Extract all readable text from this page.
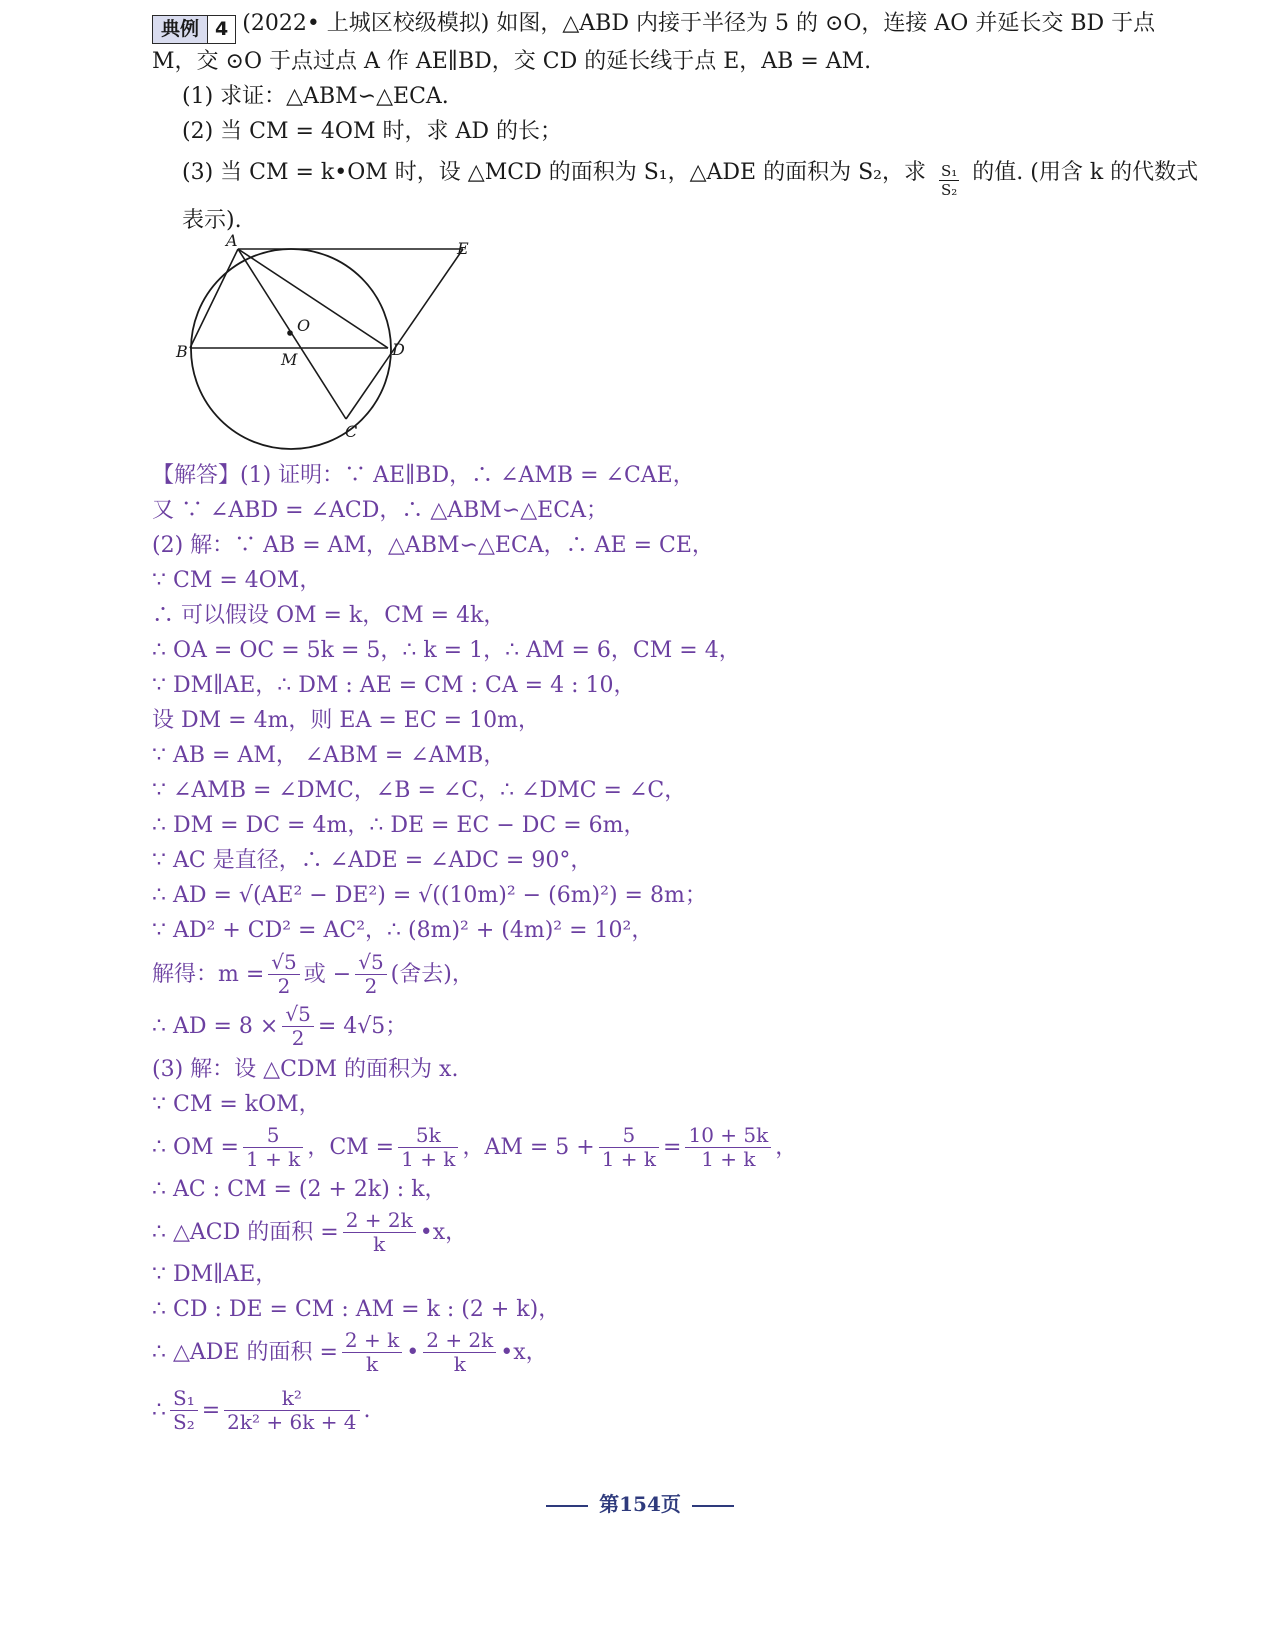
典例 4 (2022• 上城区校级模拟) 如图，△ABD 内接于半径为 5 的 ⊙O，连接 AO 并延长交 BD 于点
M，交 ⊙O 于点过点 A 作 AE∥BD，交 CD 的延长线于点 E，AB = AM.
(1) 求证：△ABM∽△ECA.
(2) 当 CM = 4OM 时，求 AD 的长；
(3) 当 CM = k•OM 时，设 △MCD 的面积为 S₁，△ADE 的面积为 S₂，求 $\frac{\text{S₁}}{\text{S₂}}$ 的值. (用含 k 的代数式
表示).
A	E
O
B	M
D
C
【解答】(1) 证明：∵ AE∥BD，∴ ∠AMB = ∠CAE，
又 ∵ ∠ABD = ∠ACD，∴ △ABM∽△ECA；
(2) 解：∵ AB = AM，△ABM∽△ECA，∴ AE = CE，
∵ CM = 4OM，
∴ 可以假设 OM = k，CM = 4k，
∴ OA = OC = 5k = 5，∴ k = 1，∴ AM = 6，CM = 4，
∵ DM∥AE，∴ DM : AE = CM : CA = 4 : 10，
设 DM = 4m，则 EA = EC = 10m，
∵ AB = AM， ∠ABM = ∠AMB，
∵ ∠AMB = ∠DMC，∠B = ∠C，∴ ∠DMC = ∠C，
∴ DM = DC = 4m，∴ DE = EC − DC = 6m，
∵ AC 是直径，∴ ∠ADE = ∠ADC = 90°，
∴ AD = √(AE² − DE²) = √((10m)² − (6m)²) = 8m；
∵ AD² + CD² = AC²，∴ (8m)² + (4m)² = 10²，
解得：$m = \frac{√5}{2}$ 或 − $\frac{√5}{2}$ (舍去)，
∴ AD = $8 \times \frac{√5}{2} = 4√5$；
(3) 解：设 △CDM 的面积为 x.
∵ CM = kOM，
∴ OM = $\frac{5}{1 + k}$ ，CM = $\frac{5k}{1 + k}$ ，AM = $5 + \frac{5}{1 + k} = \frac{10 + 5k}{1 + k}$ ，
∴ AC : CM = (2 + 2k) : k，
∴ △ACD 的面积 = $\frac{2 + 2k}{k}$ •x，
∵ DM∥AE，
∴ CD : DE = CM : AM = k : (2 + k)，
∴ △ADE 的面积 = $\frac{2 + k}{k}$ • $\frac{2 + 2k}{k}$ •x，
∴ $\frac{\text{S₁}}{\text{S₂}} = \frac{\text{k²}}{\text{2k² + 6k + 4}}$ .
第154页
